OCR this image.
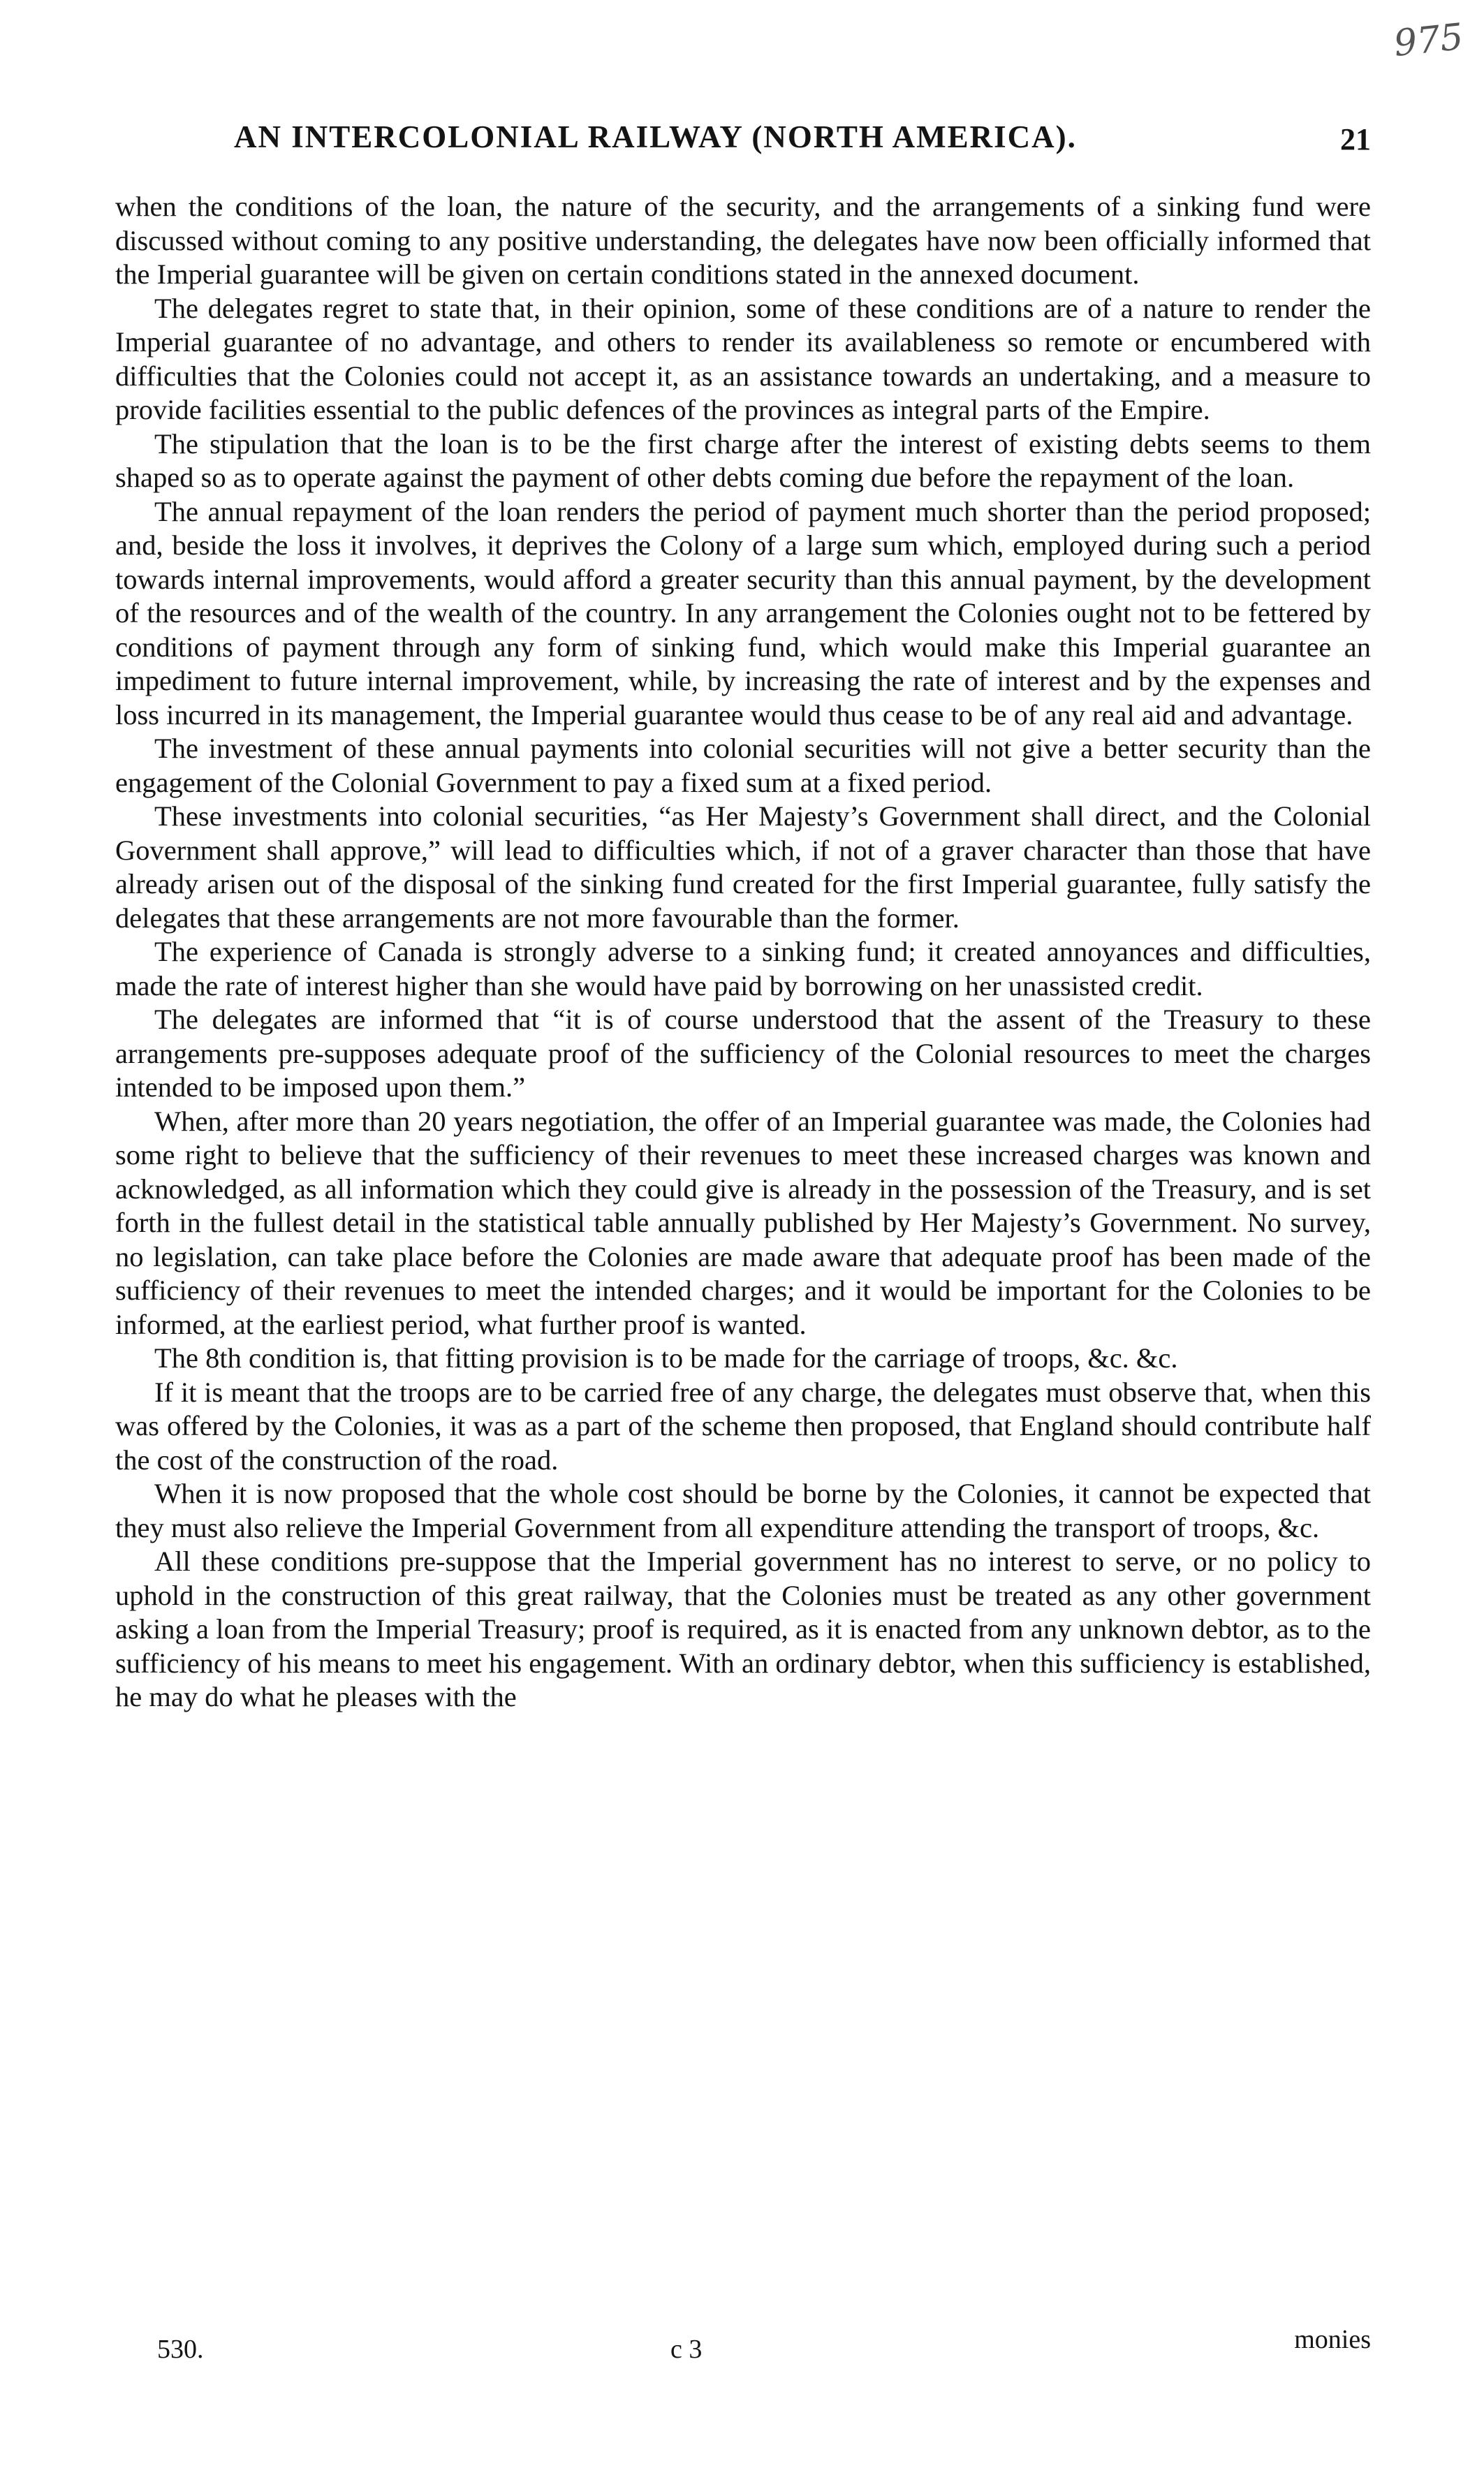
975
AN INTERCOLONIAL RAILWAY (NORTH AMERICA).	21

when the conditions of the loan, the nature of the security, and the arrangements of a sinking fund were discussed without coming to any positive understanding, the delegates have now been officially informed that the Imperial guarantee will be given on certain conditions stated in the annexed document.

The delegates regret to state that, in their opinion, some of these conditions are of a nature to render the Imperial guarantee of no advantage, and others to render its availableness so remote or encumbered with difficulties that the Colonies could not accept it, as an assistance towards an undertaking, and a measure to provide facilities essential to the public defences of the provinces as integral parts of the Empire.

The stipulation that the loan is to be the first charge after the interest of existing debts seems to them shaped so as to operate against the payment of other debts coming due before the repayment of the loan.

The annual repayment of the loan renders the period of payment much shorter than the period proposed; and, beside the loss it involves, it deprives the Colony of a large sum which, employed during such a period towards internal improvements, would afford a greater security than this annual payment, by the development of the resources and of the wealth of the country. In any arrangement the Colonies ought not to be fettered by conditions of payment through any form of sinking fund, which would make this Imperial guarantee an impediment to future internal improvement, while, by increasing the rate of interest and by the expenses and loss incurred in its management, the Imperial guarantee would thus cease to be of any real aid and advantage.

The investment of these annual payments into colonial securities will not give a better security than the engagement of the Colonial Government to pay a fixed sum at a fixed period.

These investments into colonial securities, “as Her Majesty’s Government shall direct, and the Colonial Government shall approve,” will lead to difficulties which, if not of a graver character than those that have already arisen out of the disposal of the sinking fund created for the first Imperial guarantee, fully satisfy the delegates that these arrangements are not more favourable than the former.

The experience of Canada is strongly adverse to a sinking fund; it created annoyances and difficulties, made the rate of interest higher than she would have paid by borrowing on her unassisted credit.

The delegates are informed that “it is of course understood that the assent of the Treasury to these arrangements pre-supposes adequate proof of the sufficiency of the Colonial resources to meet the charges intended to be imposed upon them.”

When, after more than 20 years negotiation, the offer of an Imperial guarantee was made, the Colonies had some right to believe that the sufficiency of their revenues to meet these increased charges was known and acknowledged, as all information which they could give is already in the possession of the Treasury, and is set forth in the fullest detail in the statistical table annually published by Her Majesty’s Government. No survey, no legislation, can take place before the Colonies are made aware that adequate proof has been made of the sufficiency of their revenues to meet the intended charges; and it would be important for the Colonies to be informed, at the earliest period, what further proof is wanted.

The 8th condition is, that fitting provision is to be made for the carriage of troops, &c. &c.

If it is meant that the troops are to be carried free of any charge, the delegates must observe that, when this was offered by the Colonies, it was as a part of the scheme then proposed, that England should contribute half the cost of the construction of the road.

When it is now proposed that the whole cost should be borne by the Colonies, it cannot be expected that they must also relieve the Imperial Government from all expenditure attending the transport of troops, &c.

All these conditions pre-suppose that the Imperial government has no interest to serve, or no policy to uphold in the construction of this great railway, that the Colonies must be treated as any other government asking a loan from the Imperial Treasury; proof is required, as it is enacted from any unknown debtor, as to the sufficiency of his means to meet his engagement. With an ordinary debtor, when this sufficiency is established, he may do what he pleases with the

530.	c 3	monies
